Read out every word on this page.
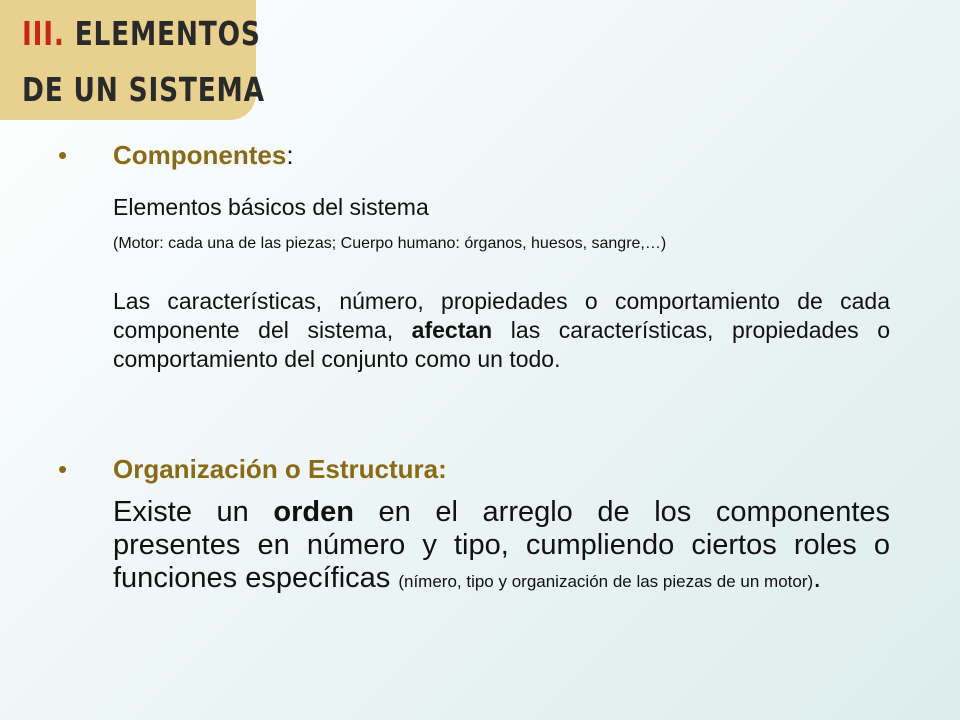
III. ELEMENTOS
DE UN SISTEMA
• Componentes:
Elementos básicos del sistema
(Motor: cada una de las piezas; Cuerpo humano: órganos, huesos, sangre,…)
Las características, número, propiedades o comportamiento de cada componente del sistema, afectan las características, propiedades o comportamiento del conjunto como un todo.
• Organización o Estructura:
Existe un orden en el arreglo de los componentes presentes en número y tipo, cumpliendo ciertos roles o funciones específicas (nímero, tipo y organización de las piezas de un motor).
